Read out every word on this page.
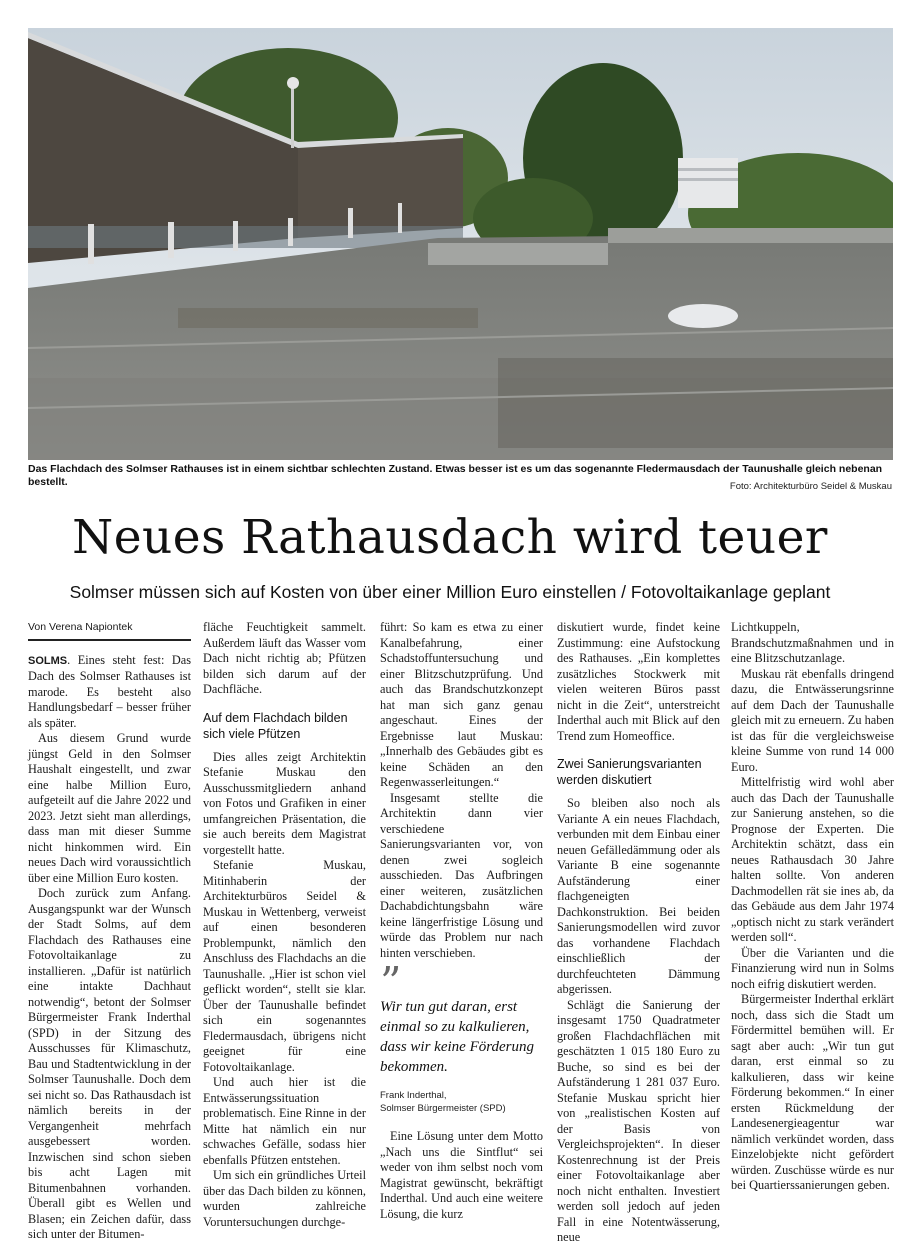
Das Flachdach des Solmser Rathauses ist in einem sichtbar schlechten Zustand. Etwas besser ist es um das sogenannte Fledermausdach der Taunushalle gleich nebenan bestellt.	Foto: Architekturbüro Seidel & Muskau
Neues Rathausdach wird teuer
Solmser müssen sich auf Kosten von über einer Million Euro einstellen / Fotovoltaikanlage geplant
Von Verena Napiontek

SOLMS. Eines steht fest: Das Dach des Solmser Rathauses ist marode. Es besteht also Handlungsbedarf – besser früher als später.

Aus diesem Grund wurde jüngst Geld in den Solmser Haushalt eingestellt, und zwar eine halbe Million Euro, aufgeteilt auf die Jahre 2022 und 2023. Jetzt sieht man allerdings, dass man mit dieser Summe nicht hinkommen wird. Ein neues Dach wird voraussichtlich über eine Million Euro kosten.

Doch zurück zum Anfang. Ausgangspunkt war der Wunsch der Stadt Solms, auf dem Flachdach des Rathauses eine Fotovoltaikanlage zu installieren. „Dafür ist natürlich eine intakte Dachhaut notwendig“, betont der Solmser Bürgermeister Frank Inderthal (SPD) in der Sitzung des Ausschusses für Klimaschutz, Bau und Stadtentwicklung in der Solmser Taunushalle. Doch dem sei nicht so. Das Rathausdach ist nämlich bereits in der Vergangenheit mehrfach ausgebessert worden. Inzwischen sind schon sieben bis acht Lagen mit Bitumenbahnen vorhanden. Überall gibt es Wellen und Blasen; ein Zeichen dafür, dass sich unter der Bitumen-

fläche Feuchtigkeit sammelt. Außerdem läuft das Wasser vom Dach nicht richtig ab; Pfützen bilden sich darum auf der Dachfläche.

Auf dem Flachdach bilden sich viele Pfützen

Dies alles zeigt Architektin Stefanie Muskau den Ausschussmitgliedern anhand von Fotos und Grafiken in einer umfangreichen Präsentation, die sie auch bereits dem Magistrat vorgestellt hatte.

Stefanie Muskau, Mitinhaberin der Architekturbüros Seidel & Muskau in Wettenberg, verweist auf einen besonderen Problempunkt, nämlich den Anschluss des Flachdachs an die Taunushalle. „Hier ist schon viel geflickt worden“, stellt sie klar. Über der Taunushalle befindet sich ein sogenanntes Fledermausdach, übrigens nicht geeignet für eine Fotovoltaikanlage.

Und auch hier ist die Entwässerungssituation problematisch. Eine Rinne in der Mitte hat nämlich ein nur schwaches Gefälle, sodass hier ebenfalls Pfützen entstehen.

Um sich ein gründliches Urteil über das Dach bilden zu können, wurden zahlreiche Voruntersuchungen durchge-

führt: So kam es etwa zu einer Kanalbefahrung, einer Schadstoffuntersuchung und einer Blitzschutzprüfung. Und auch das Brandschutzkonzept hat man sich ganz genau angeschaut. Eines der Ergebnisse laut Muskau: „Innerhalb des Gebäudes gibt es keine Schäden an den Regenwasserleitungen.“

Insgesamt stellte die Architektin dann vier verschiedene Sanierungsvarianten vor, von denen zwei sogleich ausschieden. Das Aufbringen einer weiteren, zusätzlichen Dachabdichtungsbahn wäre keine längerfristige Lösung und würde das Problem nur nach hinten verschieben.

”
Wir tun gut daran, erst einmal so zu kalkulieren, dass wir keine Förderung bekommen.
Frank Inderthal,
Solmser Bürgermeister (SPD)

Eine Lösung unter dem Motto „Nach uns die Sintflut“ sei weder von ihm selbst noch vom Magistrat gewünscht, bekräftigt Inderthal. Und auch eine weitere Lösung, die kurz

diskutiert wurde, findet keine Zustimmung: eine Aufstockung des Rathauses. „Ein komplettes zusätzliches Stockwerk mit vielen weiteren Büros passt nicht in die Zeit“, unterstreicht Inderthal auch mit Blick auf den Trend zum Homeoffice.

Zwei Sanierungsvarianten werden diskutiert

So bleiben also noch als Variante A ein neues Flachdach, verbunden mit dem Einbau einer neuen Gefälledämmung oder als Variante B eine sogenannte Aufständerung einer flachgeneigten Dachkonstruktion. Bei beiden Sanierungsmodellen wird zuvor das vorhandene Flachdach einschließlich der durchfeuchteten Dämmung abgerissen.

Schlägt die Sanierung der insgesamt 1750 Quadratmeter großen Flachdachflächen mit geschätzten 1 015 180 Euro zu Buche, so sind es bei der Aufständerung 1 281 037 Euro. Stefanie Muskau spricht hier von „realistischen Kosten auf der Basis von Vergleichsprojekten“. In dieser Kostenrechnung ist der Preis einer Fotovoltaikanlage aber noch nicht enthalten. Investiert werden soll jedoch auf jeden Fall in eine Notentwässerung, neue

Lichtkuppeln, Brandschutzmaßnahmen und in eine Blitzschutzanlage.

Muskau rät ebenfalls dringend dazu, die Entwässerungsrinne auf dem Dach der Taunushalle gleich mit zu erneuern. Zu haben ist das für die vergleichsweise kleine Summe von rund 14 000 Euro.

Mittelfristig wird wohl aber auch das Dach der Taunushalle zur Sanierung anstehen, so die Prognose der Experten. Die Architektin schätzt, dass ein neues Rathausdach 30 Jahre halten sollte. Von anderen Dachmodellen rät sie ines ab, da das Gebäude aus dem Jahr 1974 „optisch nicht zu stark verändert werden soll“.

Über die Varianten und die Finanzierung wird nun in Solms noch eifrig diskutiert werden.

Bürgermeister Inderthal erklärt noch, dass sich die Stadt um Fördermittel bemühen will. Er sagt aber auch: „Wir tun gut daran, erst einmal so zu kalkulieren, dass wir keine Förderung bekommen.“ In einer ersten Rückmeldung der Landesenergieagentur war nämlich verkündet worden, dass Einzelobjekte nicht gefördert würden. Zuschüsse würde es nur bei Quartierssanierungen geben.
